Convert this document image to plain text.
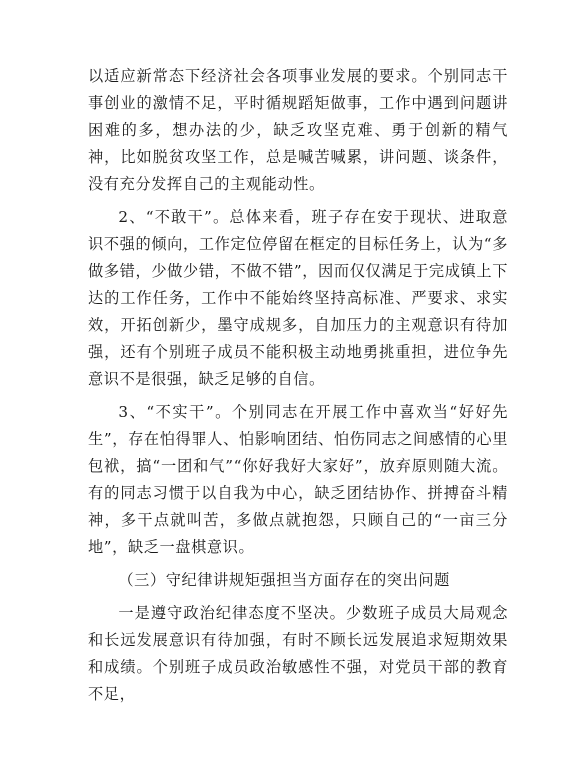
以适应新常态下经济社会各项事业发展的要求。个别同志干事创业的激情不足，平时循规蹈矩做事，工作中遇到问题讲困难的多，想办法的少，缺乏攻坚克难、勇于创新的精气神，比如脱贫攻坚工作，总是喊苦喊累，讲问题、谈条件，没有充分发挥自己的主观能动性。

2、“不敢干”。总体来看，班子存在安于现状、进取意识不强的倾向，工作定位停留在框定的目标任务上，认为“多做多错，少做少错，不做不错”，因而仅仅满足于完成镇上下达的工作任务，工作中不能始终坚持高标准、严要求、求实效，开拓创新少，墨守成规多，自加压力的主观意识有待加强，还有个别班子成员不能积极主动地勇挑重担，进位争先意识不是很强，缺乏足够的自信。

3、“不实干”。个别同志在开展工作中喜欢当“好好先生”，存在怕得罪人、怕影响团结、怕伤同志之间感情的心里包袱，搞“一团和气”“你好我好大家好”，放弃原则随大流。有的同志习惯于以自我为中心，缺乏团结协作、拼搏奋斗精神，多干点就叫苦，多做点就抱怨，只顾自己的“一亩三分地”，缺乏一盘棋意识。

（三）守纪律讲规矩强担当方面存在的突出问题

一是遵守政治纪律态度不坚决。少数班子成员大局观念和长远发展意识有待加强，有时不顾长远发展追求短期效果和成绩。个别班子成员政治敏感性不强，对党员干部的教育不足，
